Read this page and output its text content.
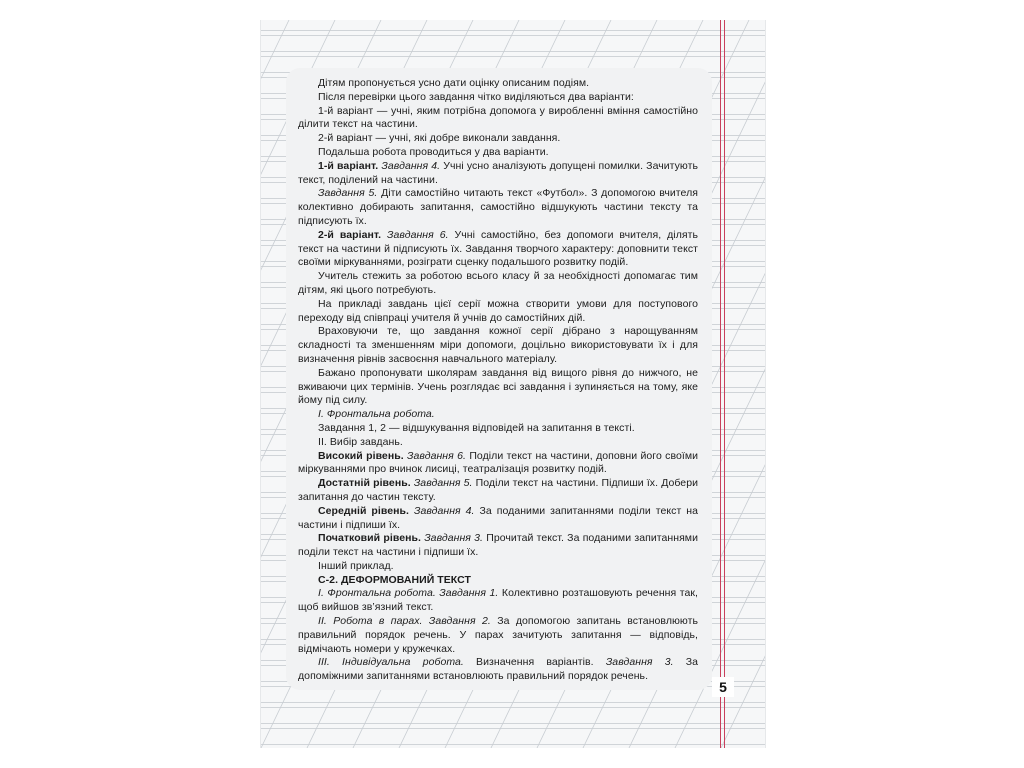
Дітям пропонується усно дати оцінку описаним подіям.

Після перевірки цього завдання чітко виділяються два варіанти:

1-й варіант — учні, яким потрібна допомога у виробленні вміння самостійно ділити текст на частини.

2-й варіант — учні, які добре виконали завдання.

Подальша робота проводиться у два варіанти.

1-й варіант. Завдання 4. Учні усно аналізують допущені помилки. Зачитують текст, поділений на частини.

Завдання 5. Діти самостійно читають текст «Футбол». З допомогою вчителя колективно добирають запитання, самостійно відшукують частини тексту та підписують їх.

2-й варіант. Завдання 6. Учні самостійно, без допомоги вчителя, ділять текст на частини й підписують їх. Завдання творчого характеру: доповнити текст своїми міркуваннями, розіграти сценку подальшого розвитку подій.

Учитель стежить за роботою всього класу й за необхідності допомагає тим дітям, які цього потребують.

На прикладі завдань цієї серії можна створити умови для поступового переходу від співпраці учителя й учнів до самостійних дій.

Враховуючи те, що завдання кожної серії дібрано з нарощуванням складності та зменшенням міри допомоги, доцільно використовувати їх і для визначення рівнів засвоєння навчального матеріалу.

Бажано пропонувати школярам завдання від вищого рівня до нижчого, не вживаючи цих термінів. Учень розглядає всі завдання і зупиняється на тому, яке йому під силу.

І. Фронтальна робота.

Завдання 1, 2 — відшукування відповідей на запитання в тексті.

ІІ. Вибір завдань.

Високий рівень. Завдання 6. Поділи текст на частини, доповни його своїми міркуваннями про вчинок лисиці, театралізація розвитку подій.

Достатній рівень. Завдання 5. Поділи текст на частини. Підпиши їх. Добери запитання до частин тексту.

Середній рівень. Завдання 4. За поданими запитаннями поділи текст на частини і підпиши їх.

Початковий рівень. Завдання 3. Прочитай текст. За поданими запитаннями поділи текст на частини і підпиши їх.

Інший приклад.

С-2. ДЕФОРМОВАНИЙ ТЕКСТ

І. Фронтальна робота. Завдання 1. Колективно розташовують речення так, щоб вийшов зв’язний текст.

ІІ. Робота в парах. Завдання 2. За допомогою запитань встановлюють правильний порядок речень. У парах зачитують запитання — відповідь, відмічають номери у кружечках.

ІІІ. Індивідуальна робота. Визначення варіантів. Завдання 3. За допоміжними запитаннями встановлюють правильний порядок речень.

5
